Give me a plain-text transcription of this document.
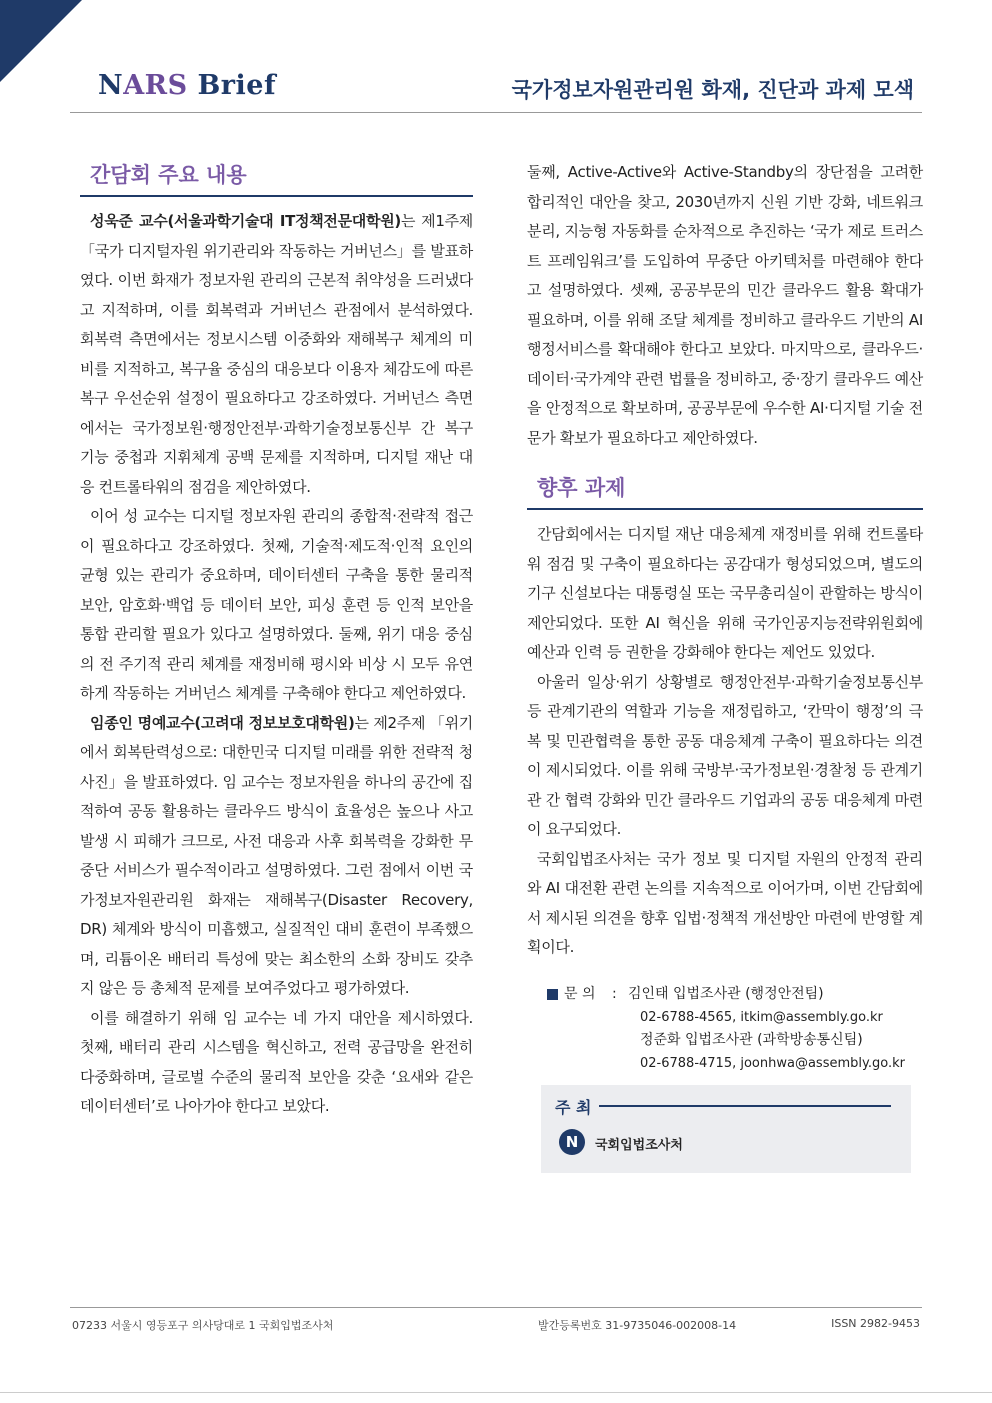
NARS Brief	국가정보자원관리원 화재, 진단과 과제 모색
간담회 주요 내용

성욱준 교수(서울과학기술대 IT정책전문대학원)는 제1주제 「국가 디지털자원 위기관리와 작동하는 거버넌스」를 발표하였다. 이번 화재가 정보자원 관리의 근본적 취약성을 드러냈다고 지적하며, 이를 회복력과 거버넌스 관점에서 분석하였다. 회복력 측면에서는 정보시스템 이중화와 재해복구 체계의 미비를 지적하고, 복구율 중심의 대응보다 이용자 체감도에 따른 복구 우선순위 설정이 필요하다고 강조하였다. 거버넌스 측면에서는 국가정보원·행정안전부·과학기술정보통신부 간 복구 기능 중첩과 지휘체계 공백 문제를 지적하며, 디지털 재난 대응 컨트롤타워의 점검을 제안하였다.

이어 성 교수는 디지털 정보자원 관리의 종합적·전략적 접근이 필요하다고 강조하였다. 첫째, 기술적·제도적·인적 요인의 균형 있는 관리가 중요하며, 데이터센터 구축을 통한 물리적 보안, 암호화·백업 등 데이터 보안, 피싱 훈련 등 인적 보안을 통합 관리할 필요가 있다고 설명하였다. 둘째, 위기 대응 중심의 전 주기적 관리 체계를 재정비해 평시와 비상 시 모두 유연하게 작동하는 거버넌스 체계를 구축해야 한다고 제언하였다.

임종인 명예교수(고려대 정보보호대학원)는 제2주제 「위기에서 회복탄력성으로: 대한민국 디지털 미래를 위한 전략적 청사진」을 발표하였다. 임 교수는 정보자원을 하나의 공간에 집적하여 공동 활용하는 클라우드 방식이 효율성은 높으나 사고 발생 시 피해가 크므로, 사전 대응과 사후 회복력을 강화한 무중단 서비스가 필수적이라고 설명하였다. 그런 점에서 이번 국가정보자원관리원 화재는 재해복구(Disaster Recovery, DR) 체계와 방식이 미흡했고, 실질적인 대비 훈련이 부족했으며, 리튬이온 배터리 특성에 맞는 최소한의 소화 장비도 갖추지 않은 등 총체적 문제를 보여주었다고 평가하였다.

이를 해결하기 위해 임 교수는 네 가지 대안을 제시하였다. 첫째, 배터리 관리 시스템을 혁신하고, 전력 공급망을 완전히 다중화하며, 글로벌 수준의 물리적 보안을 갖춘 ‘요새와 같은 데이터센터’로 나아가야 한다고 보았다.

둘째, Active-Active와 Active-Standby의 장단점을 고려한 합리적인 대안을 찾고, 2030년까지 신원 기반 강화, 네트워크 분리, 지능형 자동화를 순차적으로 추진하는 ‘국가 제로 트러스트 프레임워크’를 도입하여 무중단 아키텍처를 마련해야 한다고 설명하였다. 셋째, 공공부문의 민간 클라우드 활용 확대가 필요하며, 이를 위해 조달 체계를 정비하고 클라우드 기반의 AI 행정서비스를 확대해야 한다고 보았다. 마지막으로, 클라우드·데이터·국가계약 관련 법률을 정비하고, 중·장기 클라우드 예산을 안정적으로 확보하며, 공공부문에 우수한 AI·디지털 기술 전문가 확보가 필요하다고 제안하였다.

향후 과제

간담회에서는 디지털 재난 대응체계 재정비를 위해 컨트롤타워 점검 및 구축이 필요하다는 공감대가 형성되었으며, 별도의 기구 신설보다는 대통령실 또는 국무총리실이 관할하는 방식이 제안되었다. 또한 AI 혁신을 위해 국가인공지능전략위원회에 예산과 인력 등 권한을 강화해야 한다는 제언도 있었다.

아울러 일상·위기 상황별로 행정안전부·과학기술정보통신부 등 관계기관의 역할과 기능을 재정립하고, ‘칸막이 행정’의 극복 및 민관협력을 통한 공동 대응체계 구축이 필요하다는 의견이 제시되었다. 이를 위해 국방부·국가정보원·경찰청 등 관계기관 간 협력 강화와 민간 클라우드 기업과의 공동 대응체계 마련이 요구되었다.

국회입법조사처는 국가 정보 및 디지털 자원의 안정적 관리와 AI 대전환 관련 논의를 지속적으로 이어가며, 이번 간담회에서 제시된 의견을 향후 입법·정책적 개선방안 마련에 반영할 계획이다.

문 의	: 김인태 입법조사관 (행정안전팀)
02-6788-4565, itkim@assembly.go.kr
정준화 입법조사관 (과학방송통신팀)
02-6788-4715, joonhwa@assembly.go.kr
주 최
N	국회입법조사처
07233 서울시 영등포구 의사당대로 1 국회입법조사처	발간등록번호 31-9735046-002008-14	ISSN 2982-9453
